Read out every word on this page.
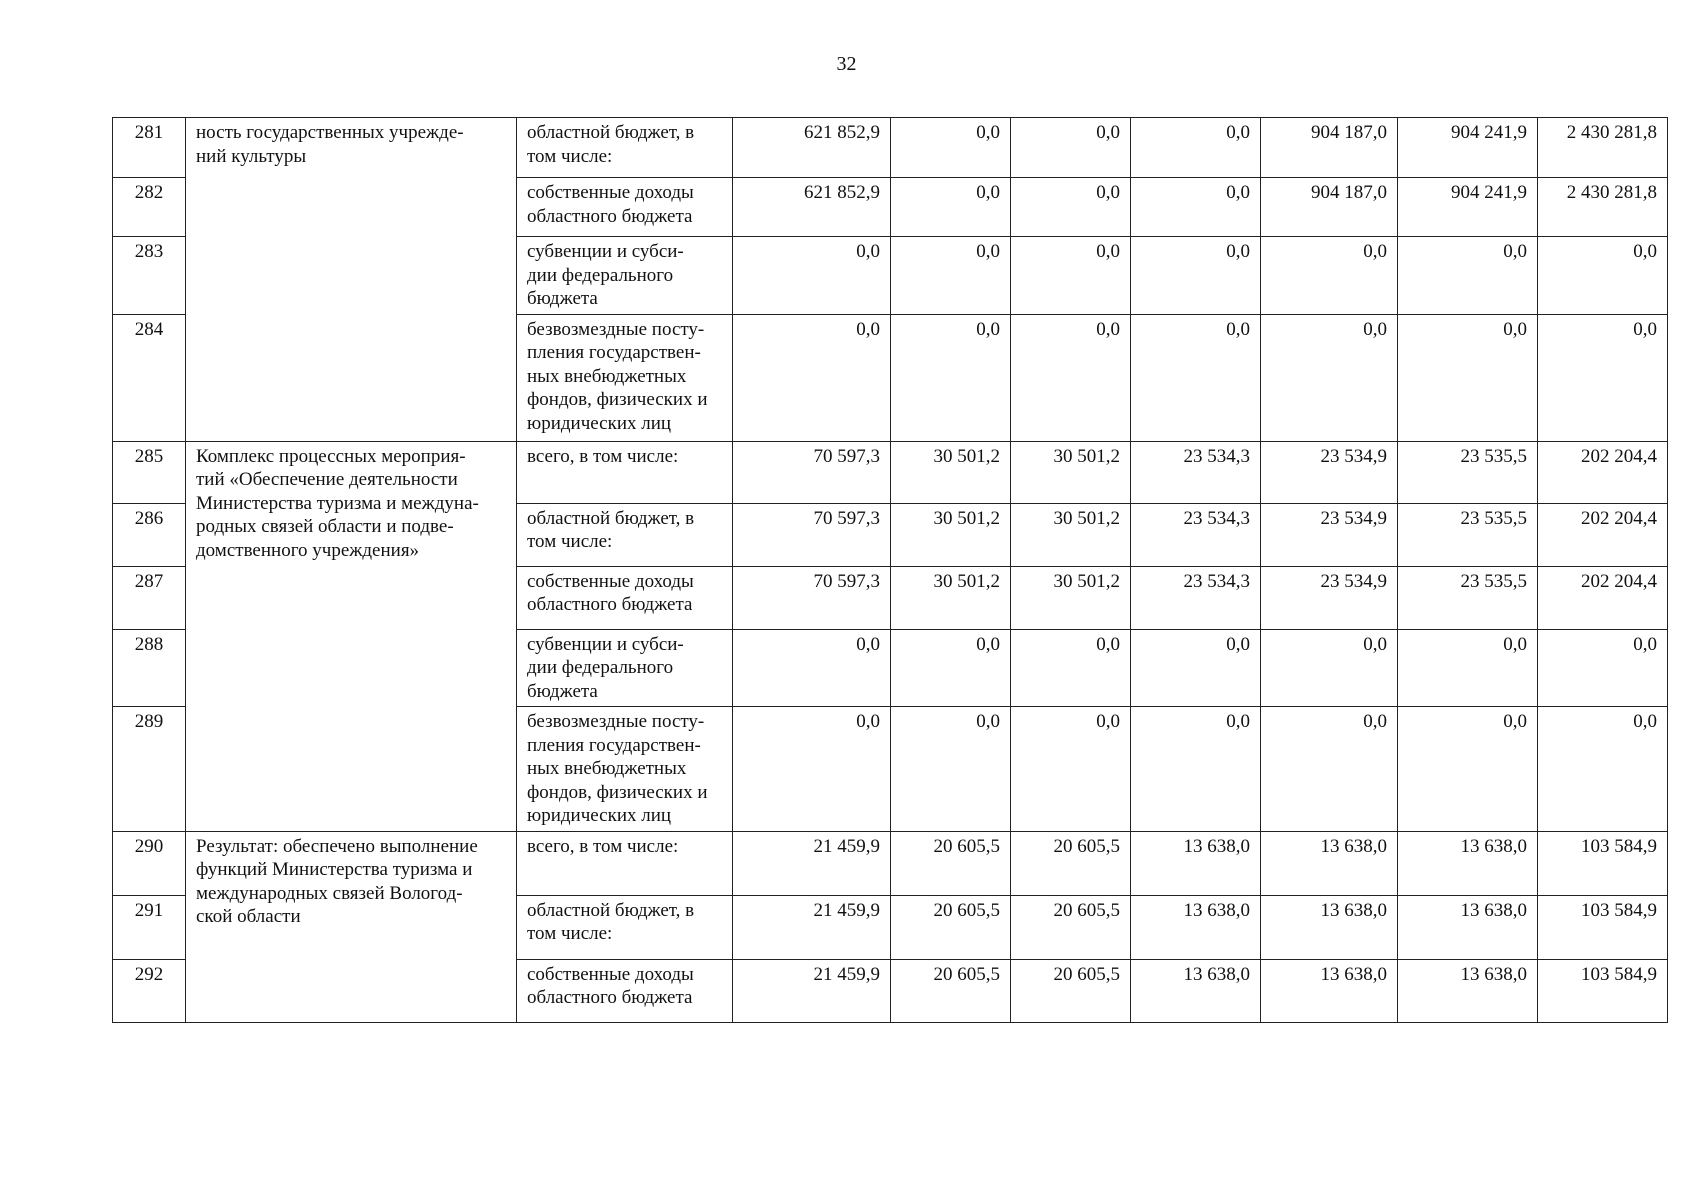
32
281	ность государственных учрежде-
ний культуры	областной бюджет, в
том числе:	621 852,9	0,0	0,0	0,0	904 187,0	904 241,9	2 430 281,8
282		собственные доходы
областного бюджета	621 852,9	0,0	0,0	0,0	904 187,0	904 241,9	2 430 281,8
283		субвенции и субси-
дии федерального
бюджета	0,0	0,0	0,0	0,0	0,0	0,0	0,0
284		безвозмездные посту-
пления государствен-
ных внебюджетных
фондов, физических и
юридических лиц	0,0	0,0	0,0	0,0	0,0	0,0	0,0
285	Комплекс процессных мероприя-
тий «Обеспечение деятельности
Министерства туризма и междуна-
родных связей области и подве-
домственного учреждения»	всего, в том числе:	70 597,3	30 501,2	30 501,2	23 534,3	23 534,9	23 535,5	202 204,4
286		областной бюджет, в
том числе:	70 597,3	30 501,2	30 501,2	23 534,3	23 534,9	23 535,5	202 204,4
287		собственные доходы
областного бюджета	70 597,3	30 501,2	30 501,2	23 534,3	23 534,9	23 535,5	202 204,4
288		субвенции и субси-
дии федерального
бюджета	0,0	0,0	0,0	0,0	0,0	0,0	0,0
289		безвозмездные посту-
пления государствен-
ных внебюджетных
фондов, физических и
юридических лиц	0,0	0,0	0,0	0,0	0,0	0,0	0,0
290	Результат: обеспечено выполнение
функций Министерства туризма и
международных связей Вологод-
ской области	всего, в том числе:	21 459,9	20 605,5	20 605,5	13 638,0	13 638,0	13 638,0	103 584,9
291		областной бюджет, в
том числе:	21 459,9	20 605,5	20 605,5	13 638,0	13 638,0	13 638,0	103 584,9
292		собственные доходы
областного бюджета	21 459,9	20 605,5	20 605,5	13 638,0	13 638,0	13 638,0	103 584,9
